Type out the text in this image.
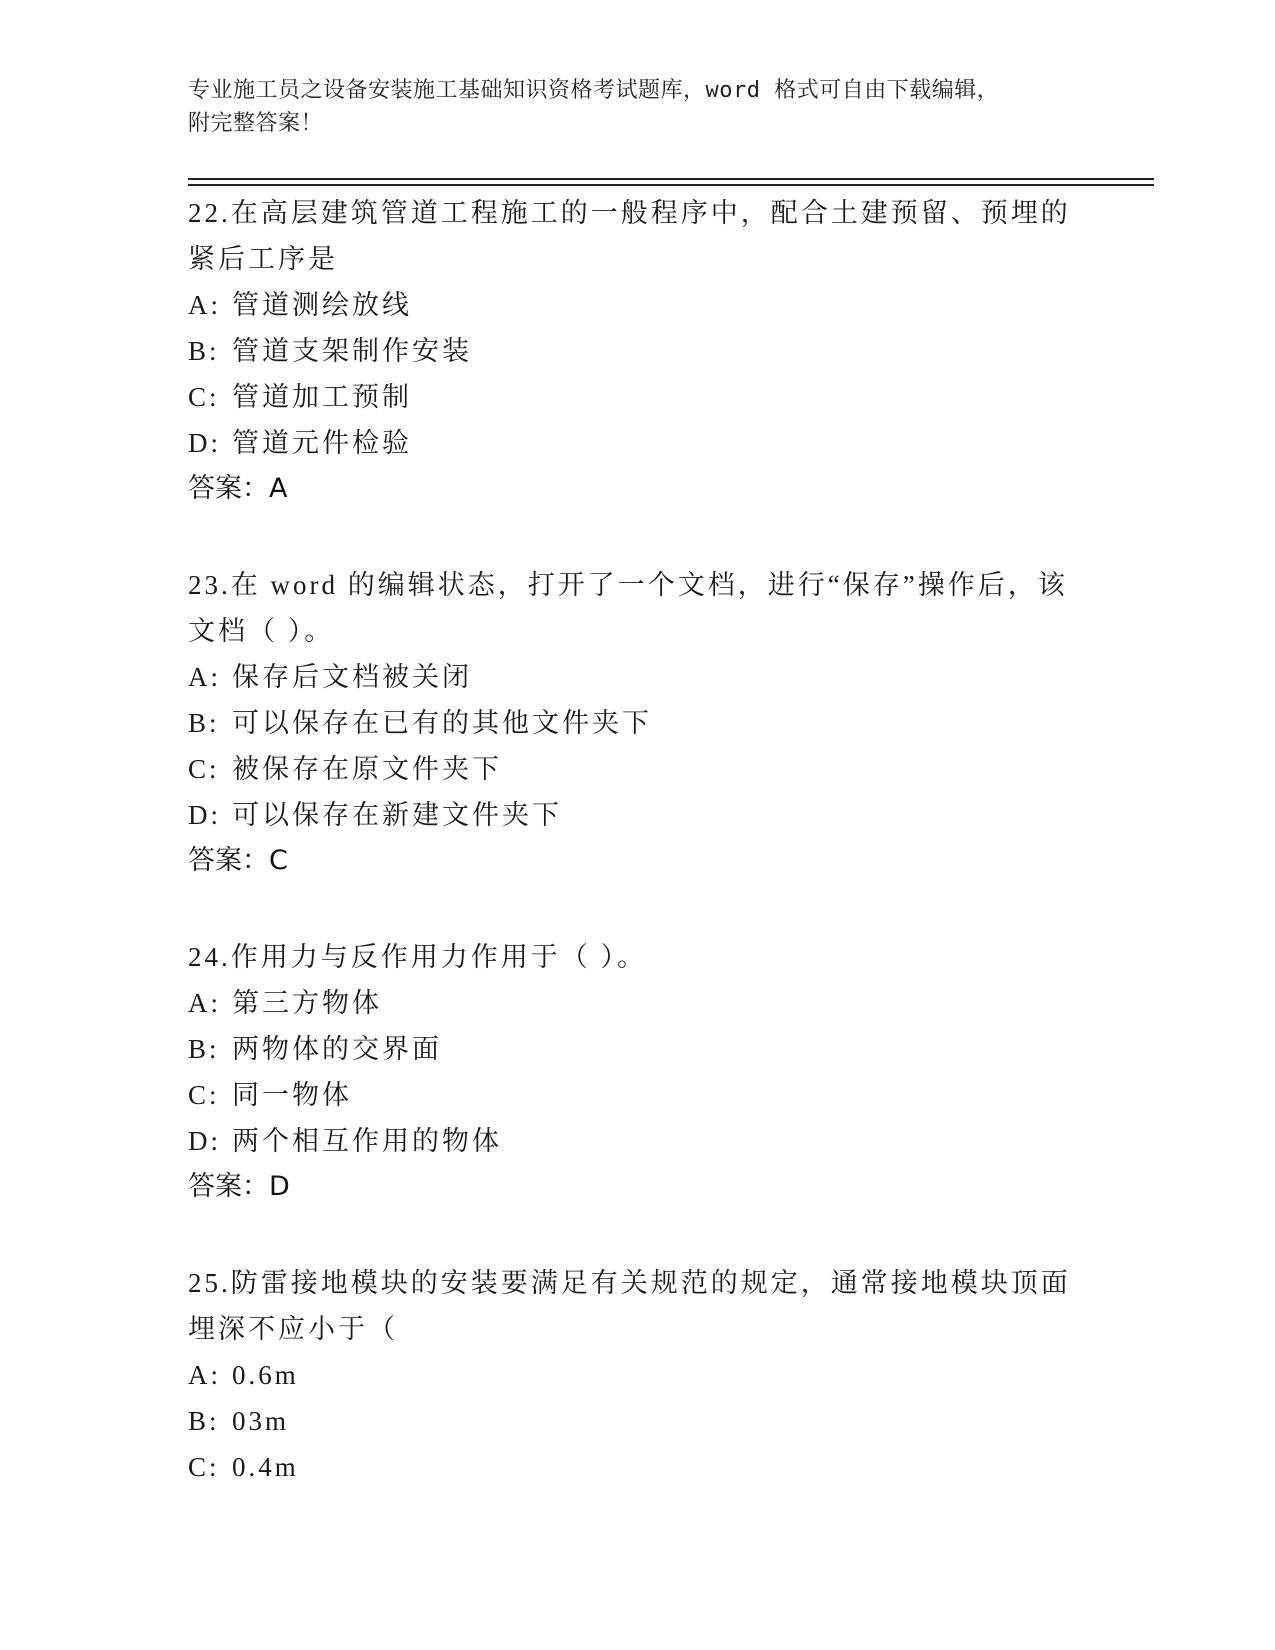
专业施工员之设备安装施工基础知识资格考试题库，word 格式可自由下载编辑，
附完整答案！
22.在高层建筑管道工程施工的一般程序中，配合土建预留、预埋的紧后工序是
A: 管道测绘放线
B: 管道支架制作安装
C: 管道加工预制
D: 管道元件检验
答案：A
23.在 word 的编辑状态，打开了一个文档，进行“保存”操作后，该文档（ ）。
A: 保存后文档被关闭
B: 可以保存在已有的其他文件夹下
C: 被保存在原文件夹下
D: 可以保存在新建文件夹下
答案：C
24.作用力与反作用力作用于（ ）。
A: 第三方物体
B: 两物体的交界面
C: 同一物体
D: 两个相互作用的物体
答案：D
25.防雷接地模块的安装要满足有关规范的规定，通常接地模块顶面埋深不应小于（
A: 0.6m
B: 03m
C: 0.4m
